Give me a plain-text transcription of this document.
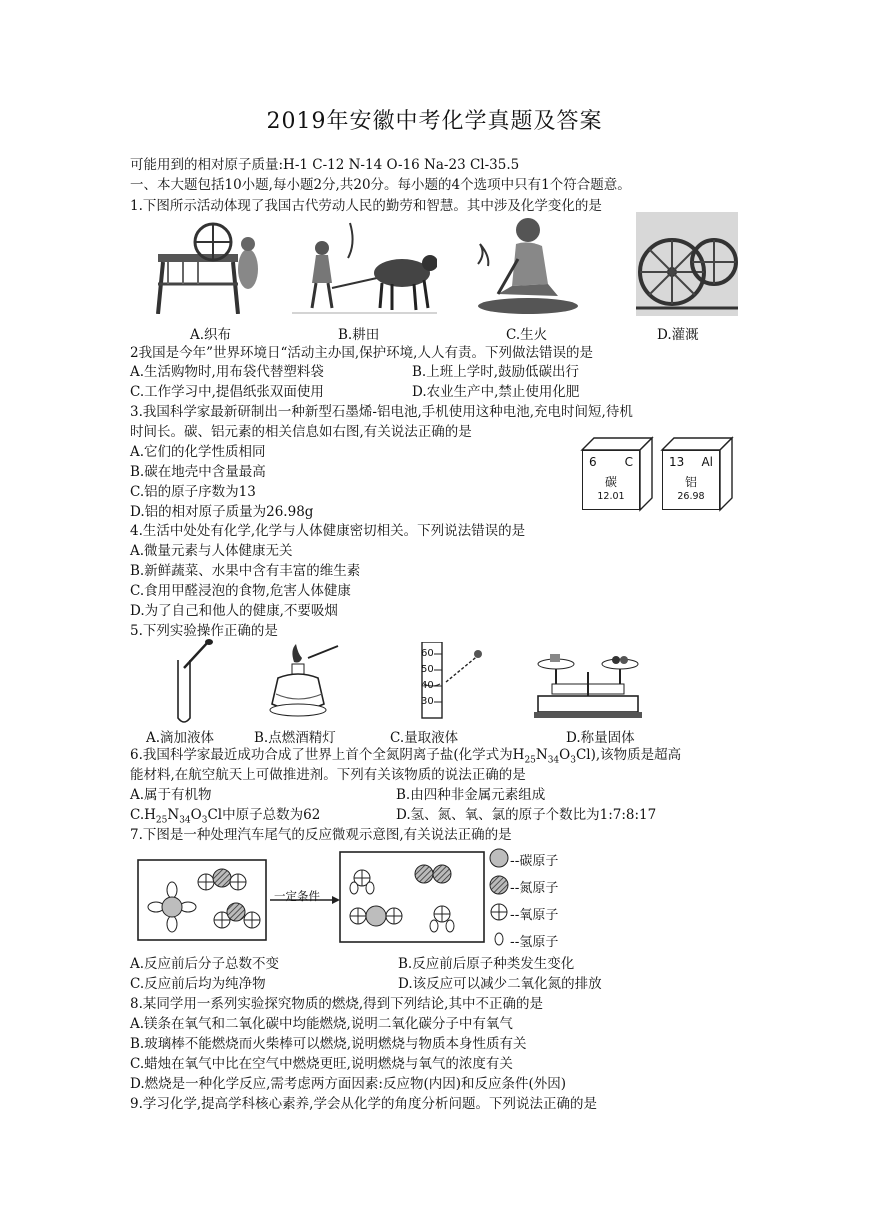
2019年安徽中考化学真题及答案
可能用到的相对原子质量:H-1 C-12 N-14 O-16 Na-23 Cl-35.5
一、本大题包括10小题,每小题2分,共20分。每小题的4个选项中只有1个符合题意。
1.下图所示活动体现了我国古代劳动人民的勤劳和智慧。其中涉及化学变化的是
A.织布	B.耕田	C.生火	D.灌溉
2我国是今年”世界环境日“活动主办国,保护环境,人人有责。下列做法错误的是
A.生活购物时,用布袋代替塑料袋	B.上班上学时,鼓励低碳出行
C.工作学习中,提倡纸张双面使用	D.农业生产中,禁止使用化肥
3.我国科学家最新研制出一种新型石墨烯-铝电池,手机使用这种电池,充电时间短,待机
时间长。碳、铝元素的相关信息如右图,有关说法正确的是
A.它们的化学性质相同
B.碳在地壳中含量最高
C.铝的原子序数为13
D.铝的相对原子质量为26.98g
6 C
碳
12.01
13 Al
铝
26.98
4.生活中处处有化学,化学与人体健康密切相关。下列说法错误的是
A.微量元素与人体健康无关
B.新鲜蔬菜、水果中含有丰富的维生素
C.食用甲醛浸泡的食物,危害人体健康
D.为了自己和他人的健康,不要吸烟
5.下列实验操作正确的是
60
50
40
30
A.滴加液体	B.点燃酒精灯	C.量取液体	D.称量固体
6.我国科学家最近成功合成了世界上首个全氮阴离子盐(化学式为$H_{25}N_{34}O_3Cl$),该物质是超高
能材料,在航空航天上可做推进剂。下列有关该物质的说法正确的是
A.属于有机物	B.由四种非金属元素组成
$C.H_{25}N_{34}O_3Cl$中原子总数为62	D.氢、氮、氧、氯的原子个数比为1:7:8:17
7.下图是一种处理汽车尾气的反应微观示意图,有关说法正确的是
一定条件
--碳原子
--氮原子
--氧原子
--氢原子
A.反应前后分子总数不变	B.反应前后原子种类发生变化
C.反应前后均为纯净物	D.该反应可以减少二氧化氮的排放
8.某同学用一系列实验探究物质的燃烧,得到下列结论,其中不正确的是
A.镁条在氧气和二氧化碳中均能燃烧,说明二氧化碳分子中有氧气
B.玻璃棒不能燃烧而火柴棒可以燃烧,说明燃烧与物质本身性质有关
C.蜡烛在氧气中比在空气中燃烧更旺,说明燃烧与氧气的浓度有关
D.燃烧是一种化学反应,需考虑两方面因素:反应物(内因)和反应条件(外因)
9.学习化学,提高学科核心素养,学会从化学的角度分析问题。下列说法正确的是
